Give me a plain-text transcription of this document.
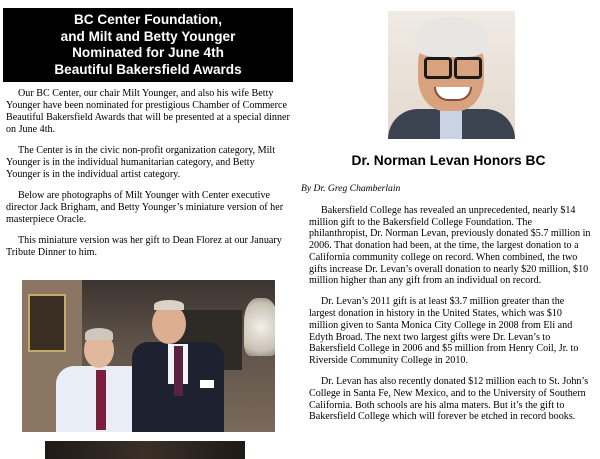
BC Center Foundation,
and Milt and Betty Younger
Nominated for June 4th
Beautiful Bakersfield Awards

Our BC Center, our chair Milt Younger, and also his wife Betty Younger have been nominated for prestigious Chamber of Commerce Beautiful Bakersfield Awards that will be presented at a special dinner on June 4th.

The Center is in the civic non-profit organization category, Milt Younger is in the individual humanitarian category, and Betty Younger is in the individual artist category.

Below are photographs of Milt Younger with Center executive director Jack Brigham, and Betty Younger’s miniature version of her masterpiece Oracle.

This miniature version was her gift to Dean Florez at our January Tribute Dinner to him.

Dr. Norman Levan Honors BC
By Dr. Greg Chamberlain

Bakersfield College has revealed an unprecedented, nearly $14 million gift to the Bakersfield College Foundation. The philanthropist, Dr. Norman Levan, previously donated $5.7 million in 2006. That donation had been, at the time, the largest donation to a California community college on record. When combined, the two gifts increase Dr. Levan’s overall donation to nearly $20 million, $10 million higher than any gift from an individual on record.

Dr. Levan’s 2011 gift is at least $3.7 million greater than the largest donation in history in the United States, which was $10 million given to Santa Monica City College in 2008 from Eli and Edyth Broad. The next two largest gifts were Dr. Levan’s to Bakersfield College in 2006 and $5 million from Henry Coil, Jr. to Riverside Community College in 2010.

Dr. Levan has also recently donated $12 million each to St. John’s College in Santa Fe, New Mexico, and to the University of Southern California. Both schools are his alma maters. But it’s the gift to Bakersfield College which will forever be etched in record books.
